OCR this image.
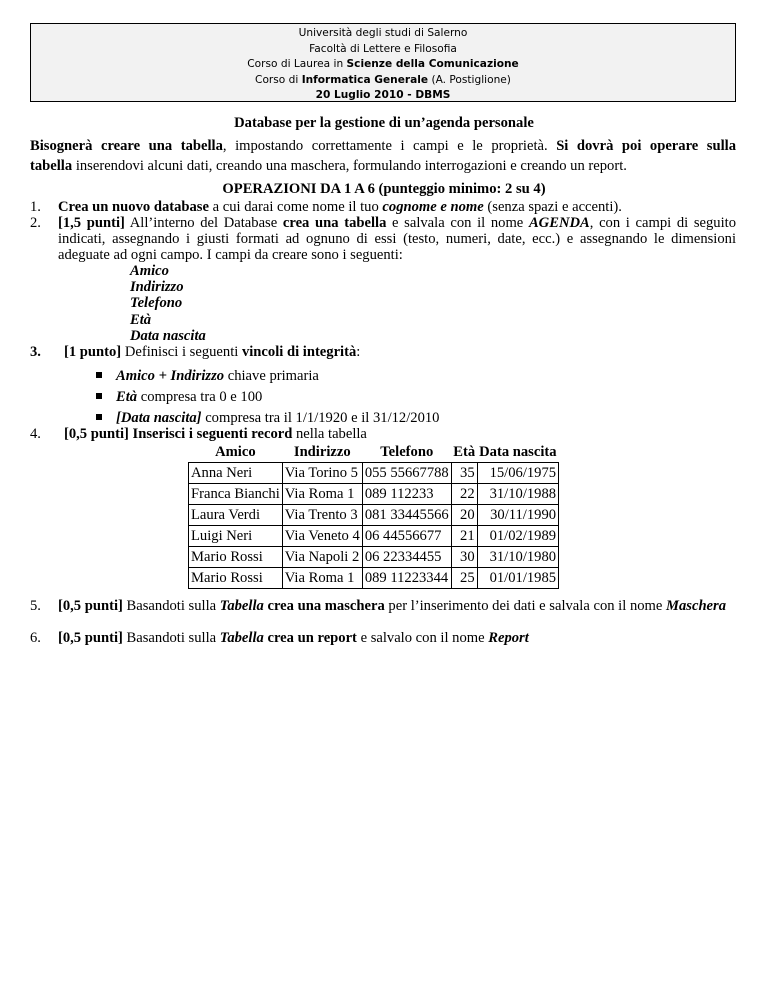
Università degli studi di Salerno
Facoltà di Lettere e Filosofia
Corso di Laurea in Scienze della Comunicazione
Corso di Informatica Generale (A. Postiglione)
20 Luglio 2010 - DBMS
Database per la gestione di un’agenda personale
Bisognerà creare una tabella, impostando correttamente i campi e le proprietà. Si dovrà poi operare sulla
tabella inserendovi alcuni dati, creando una maschera, formulando interrogazioni e creando un report.
OPERAZIONI DA 1 A 6 (punteggio minimo: 2 su 4)
1.	Crea un nuovo database a cui darai come nome il tuo cognome e nome (senza spazi e accenti).
2.	[1,5 punti] All’interno del Database crea una tabella e salvala con il nome AGENDA, con i campi di seguito indicati, assegnando i giusti formati ad ognuno di essi (testo, numeri, date, ecc.) e assegnando le dimensioni adeguate ad ogni campo. I campi da creare sono i seguenti:
Amico
Indirizzo
Telefono
Età
Data nascita
3.	[1 punto] Definisci i seguenti vincoli di integrità:
Amico + Indirizzo chiave primaria
Età compresa tra 0 e 100
[Data nascita] compresa tra il 1/1/1920 e il 31/12/2010
4.	[0,5 punti] Inserisci i seguenti record nella tabella
Amico	Indirizzo	Telefono	Età	Data nascita
Anna Neri	Via Torino 5	055 55667788	35	15/06/1975
Franca Bianchi	Via Roma 1	089 112233	22	31/10/1988
Laura Verdi	Via Trento 3	081 33445566	20	30/11/1990
Luigi Neri	Via Veneto 4	06 44556677	21	01/02/1989
Mario Rossi	Via Napoli 2	06 22334455	30	31/10/1980
Mario Rossi	Via Roma 1	089 11223344	25	01/01/1985
5.	[0,5 punti] Basandoti sulla Tabella crea una maschera per l’inserimento dei dati e salvala con il nome Maschera
6.	[0,5 punti] Basandoti sulla Tabella crea un report e salvalo con il nome Report
